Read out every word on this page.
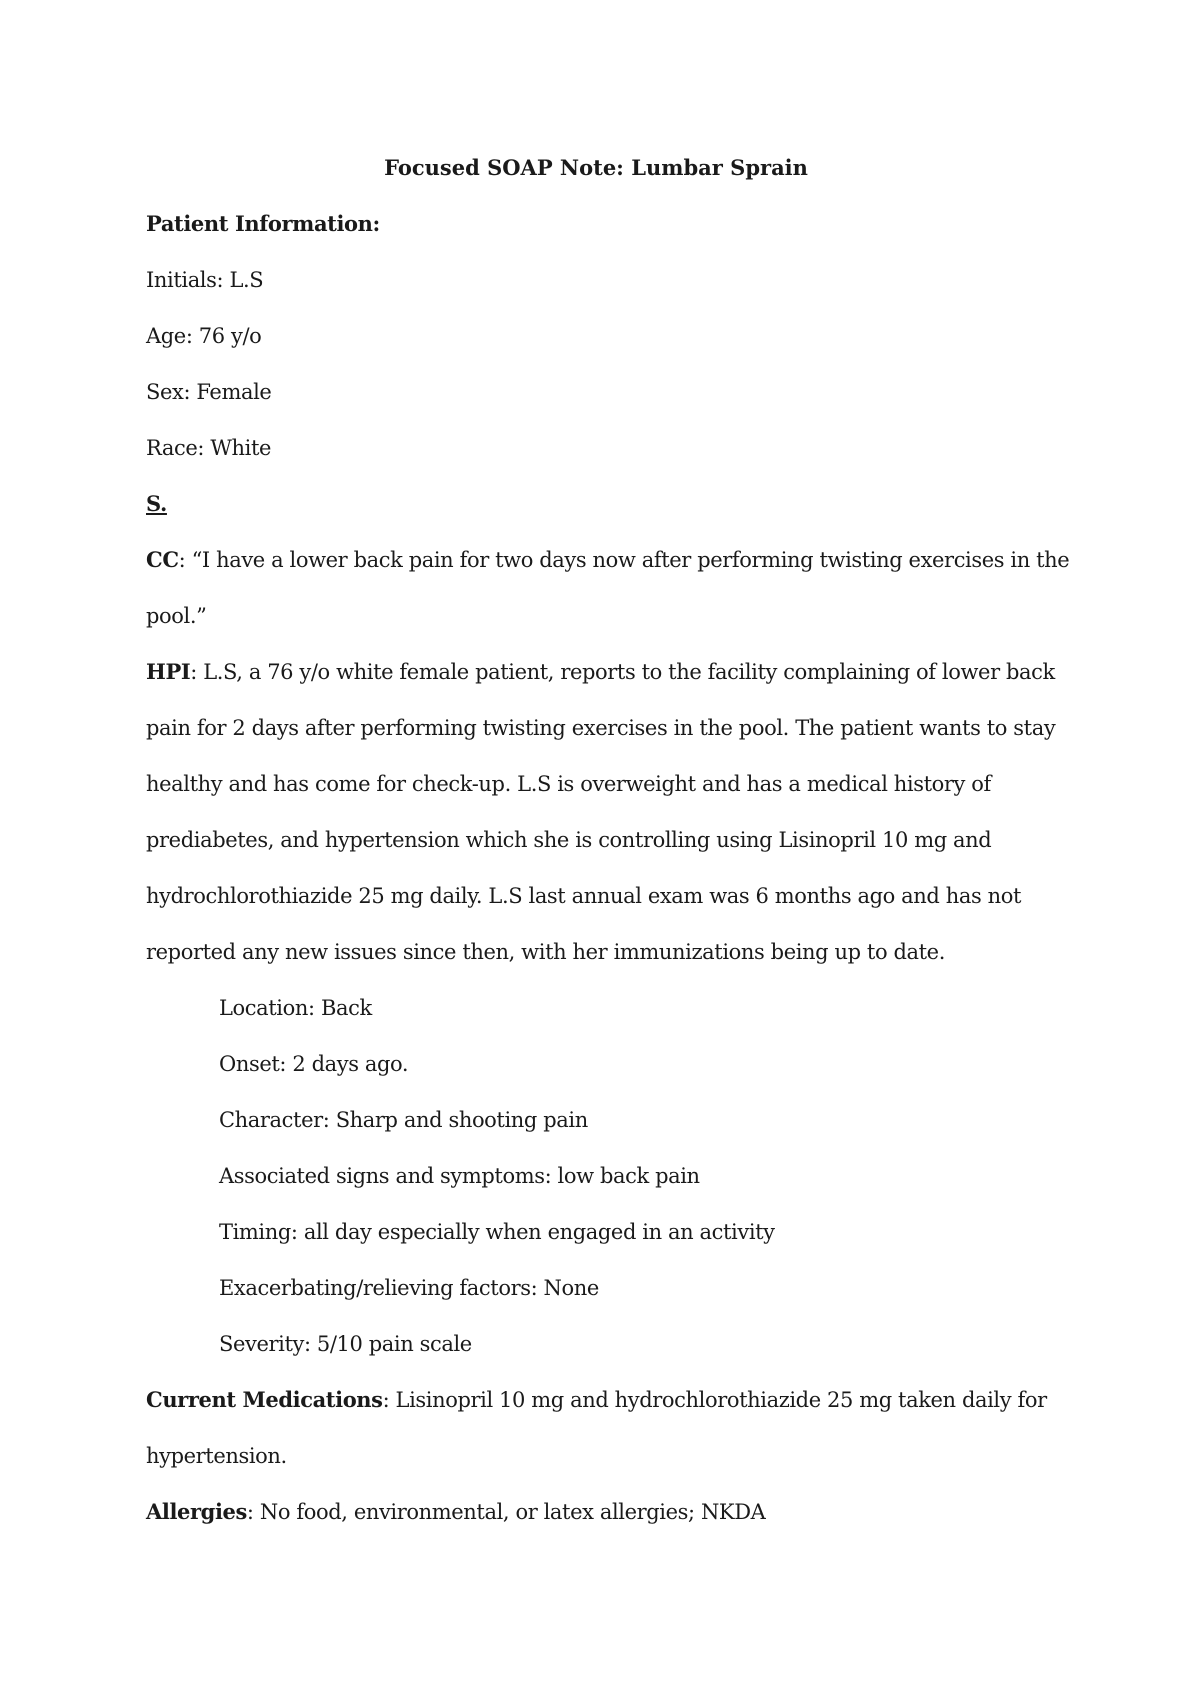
Focused SOAP Note: Lumbar Sprain
Patient Information:
Initials: L.S
Age: 76 y/o
Sex: Female
Race: White
S.
CC: “I have a lower back pain for two days now after performing twisting exercises in the
pool.”
HPI: L.S, a 76 y/o white female patient, reports to the facility complaining of lower back
pain for 2 days after performing twisting exercises in the pool. The patient wants to stay
healthy and has come for check-up. L.S is overweight and has a medical history of
prediabetes, and hypertension which she is controlling using Lisinopril 10 mg and
hydrochlorothiazide 25 mg daily. L.S last annual exam was 6 months ago and has not
reported any new issues since then, with her immunizations being up to date.
Location: Back
Onset: 2 days ago.
Character: Sharp and shooting pain
Associated signs and symptoms: low back pain
Timing: all day especially when engaged in an activity
Exacerbating/relieving factors: None
Severity: 5/10 pain scale
Current Medications: Lisinopril 10 mg and hydrochlorothiazide 25 mg taken daily for
hypertension.
Allergies: No food, environmental, or latex allergies; NKDA
